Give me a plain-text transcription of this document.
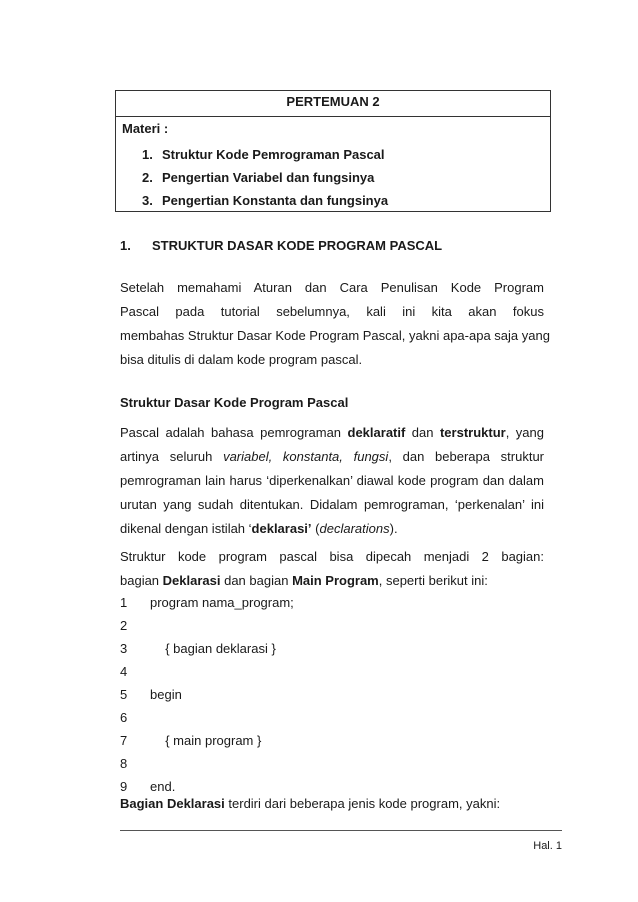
PERTEMUAN 2
Materi :
1. Struktur Kode Pemrograman Pascal
2. Pengertian Variabel dan fungsinya
3. Pengertian Konstanta dan fungsinya
1. STRUKTUR DASAR KODE PROGRAM PASCAL
Setelah memahami Aturan dan Cara Penulisan Kode Program
Pascal pada tutorial sebelumnya, kali ini kita akan fokus
membahas Struktur Dasar Kode Program Pascal, yakni apa-apa saja yang
bisa ditulis di dalam kode program pascal.
Struktur Dasar Kode Program Pascal
Pascal adalah bahasa pemrograman deklaratif dan terstruktur, yang
artinya seluruh variabel, konstanta, fungsi, dan beberapa struktur
pemrograman lain harus ‘diperkenalkan’ diawal kode program dan dalam
urutan yang sudah ditentukan. Didalam pemrograman, ‘perkenalan’ ini
dikenal dengan istilah ‘deklarasi’ (declarations).
Struktur kode program pascal bisa dipecah menjadi 2 bagian:
bagian Deklarasi dan bagian Main Program, seperti berikut ini:
1 program nama_program;
2
3  { bagian deklarasi }
4
5 begin
6
7  { main program }
8
9 end.
Bagian Deklarasi terdiri dari beberapa jenis kode program, yakni:
Hal. 1
